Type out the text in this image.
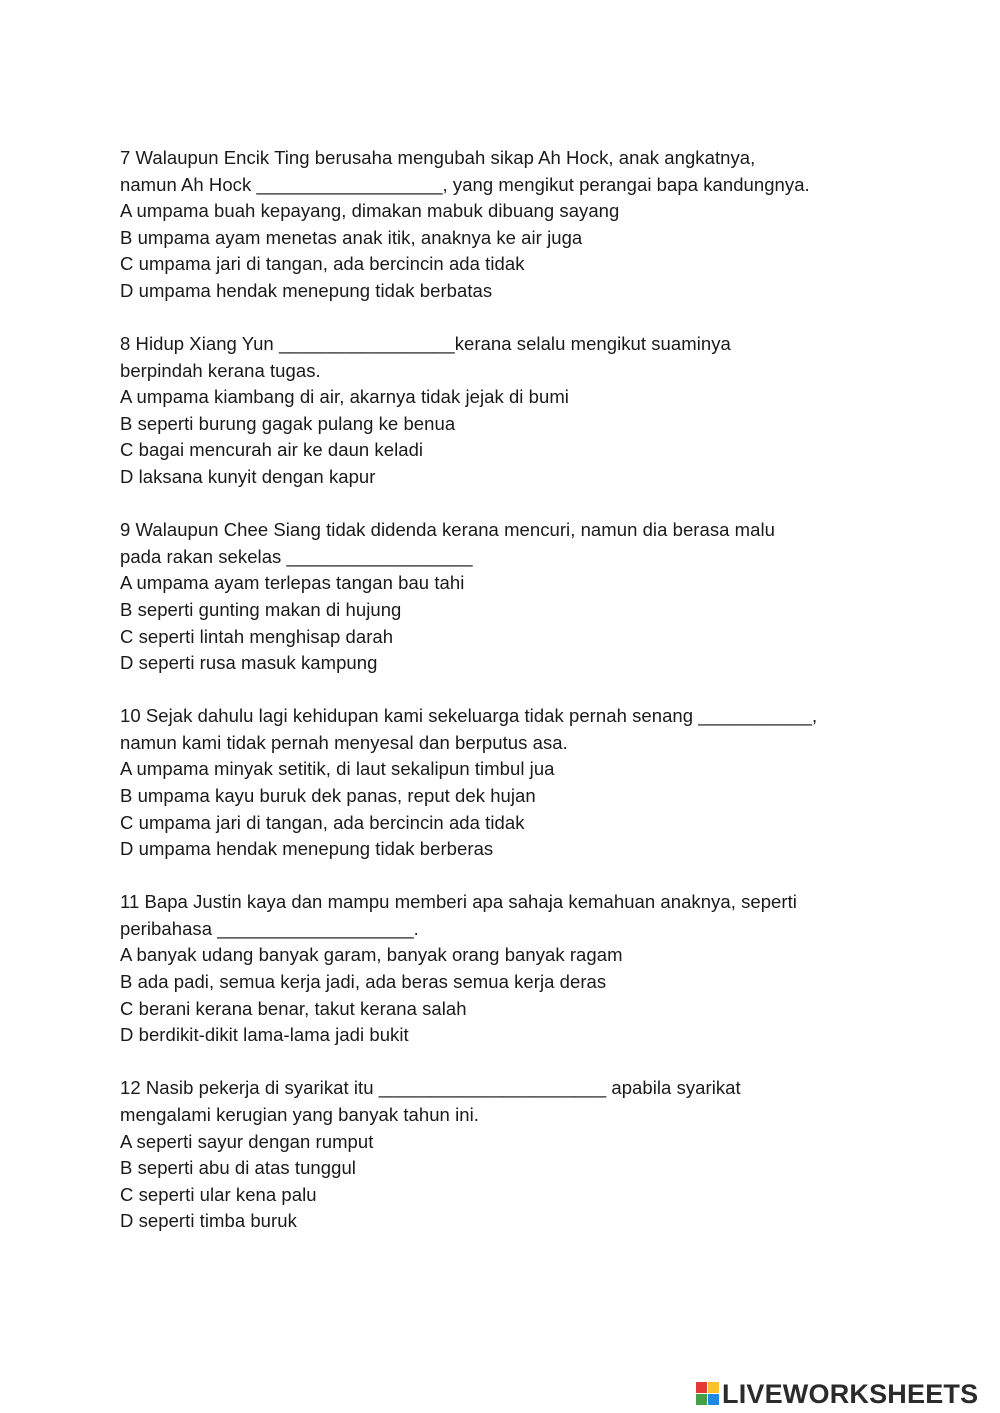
7 Walaupun Encik Ting berusaha mengubah sikap Ah Hock, anak angkatnya,
namun Ah Hock __________________, yang mengikut perangai bapa kandungnya.
A umpama buah kepayang, dimakan mabuk dibuang sayang
B umpama ayam menetas anak itik, anaknya ke air juga
C umpama jari di tangan, ada bercincin ada tidak
D umpama hendak menepung tidak berbatas
8 Hidup Xiang Yun _________________kerana selalu mengikut suaminya
berpindah kerana tugas.
A umpama kiambang di air, akarnya tidak jejak di bumi
B seperti burung gagak pulang ke benua
C bagai mencurah air ke daun keladi
D laksana kunyit dengan kapur
9 Walaupun Chee Siang tidak didenda kerana mencuri, namun dia berasa malu
pada rakan sekelas __________________
A umpama ayam terlepas tangan bau tahi
B seperti gunting makan di hujung
C seperti lintah menghisap darah
D seperti rusa masuk kampung
10 Sejak dahulu lagi kehidupan kami sekeluarga tidak pernah senang ___________,
namun kami tidak pernah menyesal dan berputus asa.
A umpama minyak setitik, di laut sekalipun timbul jua
B umpama kayu buruk dek panas, reput dek hujan
C umpama jari di tangan, ada bercincin ada tidak
D umpama hendak menepung tidak berberas
11 Bapa Justin kaya dan mampu memberi apa sahaja kemahuan anaknya, seperti
peribahasa ___________________.
A banyak udang banyak garam, banyak orang banyak ragam
B ada padi, semua kerja jadi, ada beras semua kerja deras
C berani kerana benar, takut kerana salah
D berdikit-dikit lama-lama jadi bukit
12 Nasib pekerja di syarikat itu ______________________ apabila syarikat
mengalami kerugian yang banyak tahun ini.
A seperti sayur dengan rumput
B seperti abu di atas tunggul
C seperti ular kena palu
D seperti timba buruk
LIVEWORKSHEETS
